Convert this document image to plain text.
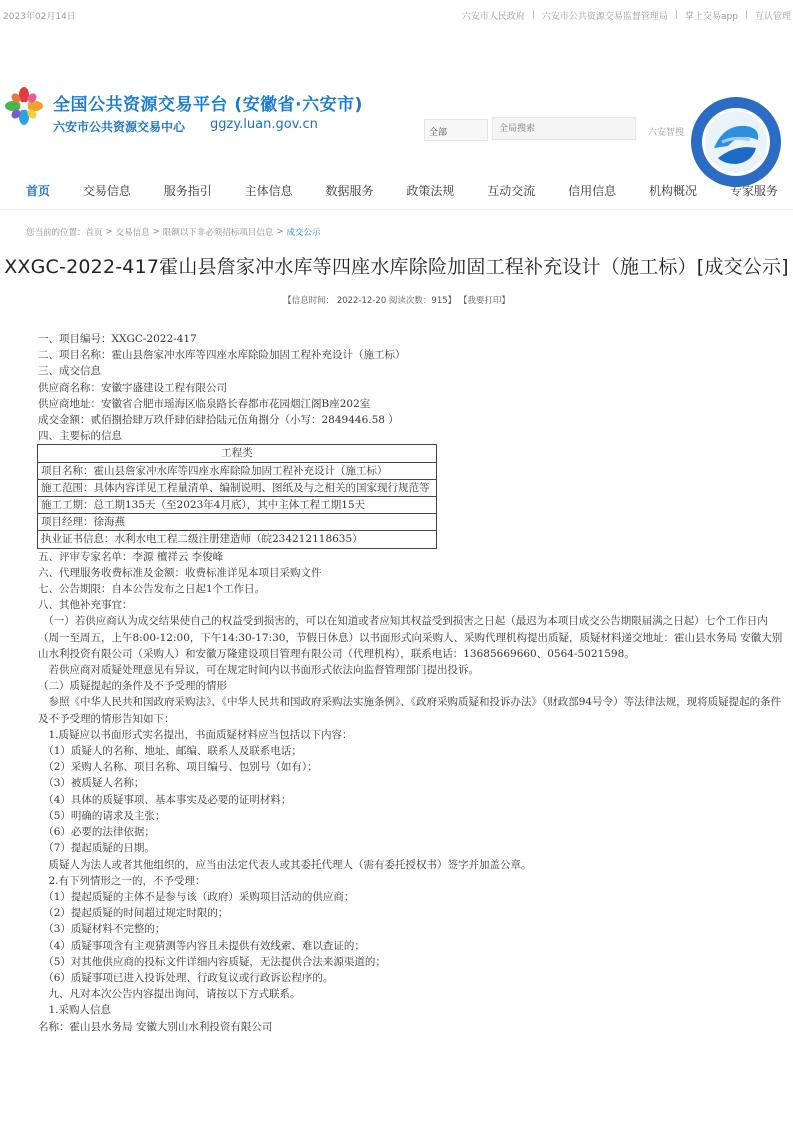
2023年02月14日	六安市人民政府 | 六安市公共资源交易监督管理局 | 掌上交易app | 互认管理
全国公共资源交易平台 (安徽省·六安市)
六安市公共资源交易中心 ggzy.luan.gov.cn
全部
全局搜索	六安智搜
首页	交易信息	服务指引	主体信息	数据服务	政策法规	互动交流	信用信息	机构概况	专家服务
您当前的位置： 首页 > 交易信息 > 限额以下非必须招标项目信息 > 成交公示
XXGC-2022-417霍山县詹家冲水库等四座水库除险加固工程补充设计（施工标）[成交公示]
【信息时间： 2022-12-20 阅读次数：915】 【我要打印】

一、项目编号：XXGC-2022-417

二、项目名称：霍山县詹家冲水库等四座水库除险加固工程补充设计（施工标）

三、成交信息

供应商名称：安徽宇盛建设工程有限公司

供应商地址：安徽省合肥市瑶海区临泉路长春都市花园烟江阁B座202室

成交金额：贰佰捌拾肆万玖仟肆佰肆拾陆元伍角捌分（小写：2849446.58 ）

四、主要标的信息

工程类
项目名称：霍山县詹家冲水库等四座水库除险加固工程补充设计（施工标）
施工范围：具体内容详见工程量清单、编制说明、图纸及与之相关的国家现行规范等
施工工期：总工期135天（至2023年4月底），其中主体工程工期15天
项目经理：徐海燕
执业证书信息：水利水电工程二级注册建造师（皖234212118635）

五、评审专家名单：李源 檀祥云 李俊峰

六、代理服务收费标准及金额：收费标准详见本项目采购文件

七、公告期限：自本公告发布之日起1个工作日。

八、其他补充事宜：

　（一）若供应商认为成交结果使自己的权益受到损害的，可以在知道或者应知其权益受到损害之日起（最迟为本项目成交公告期限届满之日起）七个工作日内（周一至周五，上午8:00-12:00，下午14:30-17:30，节假日休息）以书面形式向采购人、采购代理机构提出质疑，质疑材料递交地址：霍山县水务局 安徽大别山水利投资有限公司（采购人）和安徽万隆建设项目管理有限公司（代理机构），联系电话：13685669660、0564-5021598。

　若供应商对质疑处理意见有异议，可在规定时间内以书面形式依法向监督管理部门提出投诉。

（二）质疑提起的条件及不予受理的情形

　参照《中华人民共和国政府采购法》、《中华人民共和国政府采购法实施条例》、《政府采购质疑和投诉办法》（财政部94号令）等法律法规，现将质疑提起的条件及不予受理的情形告知如下：

　1.质疑应以书面形式实名提出，书面质疑材料应当包括以下内容：

　（1）质疑人的名称、地址、邮编、联系人及联系电话；

　（2）采购人名称、项目名称、项目编号、包别号（如有）；

　（3）被质疑人名称；

　（4）具体的质疑事项、基本事实及必要的证明材料；

　（5）明确的请求及主张；

　（6）必要的法律依据；

　（7）提起质疑的日期。

　质疑人为法人或者其他组织的，应当由法定代表人或其委托代理人（需有委托授权书）签字并加盖公章。

　2.有下列情形之一的，不予受理：

　（1）提起质疑的主体不是参与该（政府）采购项目活动的供应商；

　（2）提起质疑的时间超过规定时限的；

　（3）质疑材料不完整的；

　（4）质疑事项含有主观猜测等内容且未提供有效线索、难以查证的；

　（5）对其他供应商的投标文件详细内容质疑，无法提供合法来源渠道的；

　（6）质疑事项已进入投诉处理、行政复议或行政诉讼程序的。

　九、凡对本次公告内容提出询问，请按以下方式联系。

　1.采购人信息

名称：霍山县水务局 安徽大别山水利投资有限公司
